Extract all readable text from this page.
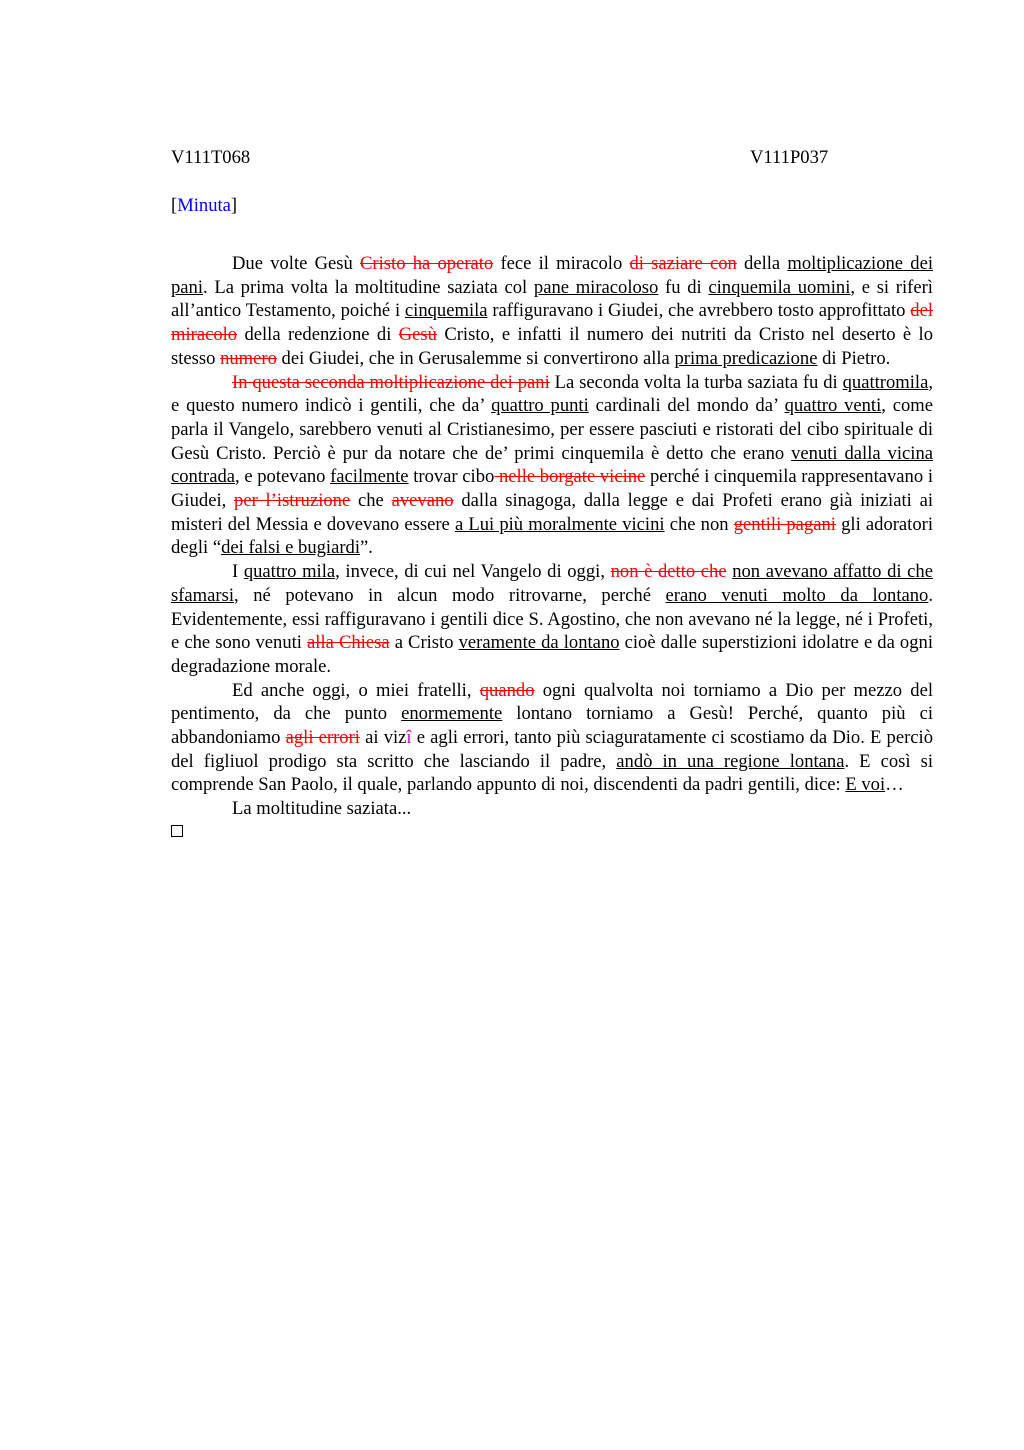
V111T068	V111P037
[Minuta]

Due volte Gesù Cristo ha operato fece il miracolo di saziare con della moltiplicazione dei pani. La prima volta la moltitudine saziata col pane miracoloso fu di cinquemila uomini, e si riferì all’antico Testamento, poiché i cinquemila raffiguravano i Giudei, che avrebbero tosto approfittato del miracolo della redenzione di Gesù Cristo, e infatti il numero dei nutriti da Cristo nel deserto è lo stesso numero dei Giudei, che in Gerusalemme si convertirono alla prima predicazione di Pietro.

In questa seconda moltiplicazione dei pani La seconda volta la turba saziata fu di quattromila, e questo numero indicò i gentili, che da’ quattro punti cardinali del mondo da’ quattro venti, come parla il Vangelo, sarebbero venuti al Cristianesimo, per essere pasciuti e ristorati del cibo spirituale di Gesù Cristo. Perciò è pur da notare che de’ primi cinquemila è detto che erano venuti dalla vicina contrada, e potevano facilmente trovar cibo nelle borgate vicine perché i cinquemila rappresentavano i Giudei, per l’istruzione che avevano dalla sinagoga, dalla legge e dai Profeti erano già iniziati ai misteri del Messia e dovevano essere a Lui più moralmente vicini che non gentili pagani gli adoratori degli “dei falsi e bugiardi”.

I quattro mila, invece, di cui nel Vangelo di oggi, non è detto che non avevano affatto di che sfamarsi, né potevano in alcun modo ritrovarne, perché erano venuti molto da lontano. Evidentemente, essi raffiguravano i gentili dice S. Agostino, che non avevano né la legge, né i Profeti, e che sono venuti alla Chiesa a Cristo veramente da lontano cioè dalle superstizioni idolatre e da ogni degradazione morale.

Ed anche oggi, o miei fratelli, quando ogni qualvolta noi torniamo a Dio per mezzo del pentimento, da che punto enormemente lontano torniamo a Gesù! Perché, quanto più ci abbandoniamo agli errori ai vizî e agli errori, tanto più sciaguratamente ci scostiamo da Dio. E perciò del figliuol prodigo sta scritto che lasciando il padre, andò in una regione lontana. E così si comprende San Paolo, il quale, parlando appunto di noi, discendenti da padri gentili, dice: E voi…

La moltitudine saziata...
